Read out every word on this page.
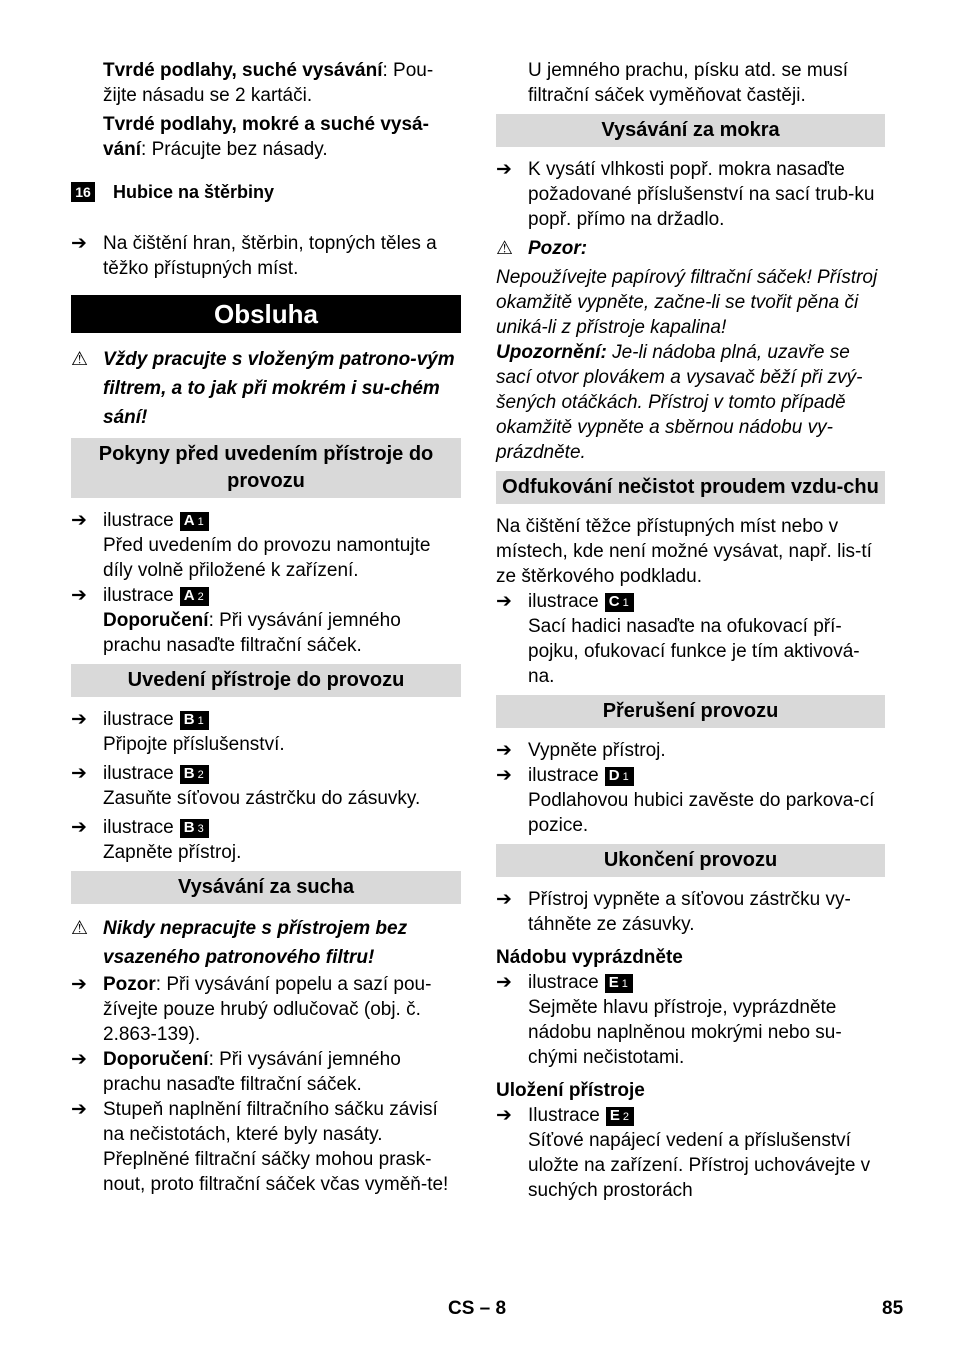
Tvrdé podlahy, suché vysávání: Pou-žijte násadu se 2 kartáči.

Tvrdé podlahy, mokré a suché vysá-vání: Prácujte bez násady.

16 Hubice na štěrbiny
➔ Na čištění hran, štěrbin, topných těles a těžko přístupných míst.
Obsluha
⚠ Vždy pracujte s vloženým patrono-vým filtrem, a to jak při mokrém i su-chém sání!
Pokyny před uvedením přístroje do provozu
➔ ilustrace A 1

Před uvedením do provozu namontujte díly volně přiložené k zařízení.

➔ ilustrace A 2

Doporučení: Při vysávání jemného prachu nasaďte filtrační sáček.

Uvedení přístroje do provozu
➔ ilustrace B 1

Připojte příslušenství.

➔ ilustrace B 2

Zasuňte síťovou zástrčku do zásuvky.

➔ ilustrace B 3

Zapněte přístroj.

Vysávání za sucha
⚠ Nikdy nepracujte s přístrojem bez vsazeného patronového filtru!
➔ Pozor: Při vysávání popelu a sazí pou-žívejte pouze hrubý odlučovač (obj. č. 2.863-139).
➔ Doporučení: Při vysávání jemného prachu nasaďte filtrační sáček.
➔ Stupeň naplnění filtračního sáčku závisí na nečistotách, které byly nasáty.

Přeplněné filtrační sáčky mohou prask-nout, proto filtrační sáček včas vyměň-te!

U jemného prachu, písku atd. se musí filtrační sáček vyměňovat častěji.

Vysávání za mokra
➔ K vysátí vlhkosti popř. mokra nasaďte požadované příslušenství na sací trub-ku popř. přímo na držadlo.
⚠ Pozor:

Nepoužívejte papírový filtrační sáček! Přístroj okamžitě vypněte, začne-li se tvořit pěna či uniká-li z přístroje kapalina!

Upozornění: Je-li nádoba plná, uzavře se sací otvor plovákem a vysavač běží při zvý-šených otáčkách. Přístroj v tomto případě okamžitě vypněte a sběrnou nádobu vy-prázdněte.

Odfukování nečistot proudem vzdu-chu

Na čištění těžce přístupných míst nebo v místech, kde není možné vysávat, např. lis-tí ze štěrkového podkladu.

➔ ilustrace C 1

Sací hadici nasaďte na ofukovací pří-pojku, ofukovací funkce je tím aktivová-na.

Přerušení provozu
➔ Vypněte přístroj.
➔ ilustrace D 1

Podlahovou hubici zavěste do parkova-cí pozice.

Ukončení provozu
➔ Přístroj vypněte a síťovou zástrčku vy-táhněte ze zásuvky.

Nádobu vyprázdněte

➔ ilustrace E 1

Sejměte hlavu přístroje, vyprázdněte nádobu naplněnou mokrými nebo su-chými nečistotami.

Uložení přístroje

➔ Ilustrace E 2

Síťové napájecí vedení a příslušenství uložte na zařízení. Přístroj uchovávejte v suchých prostorách

CS – 8	85
